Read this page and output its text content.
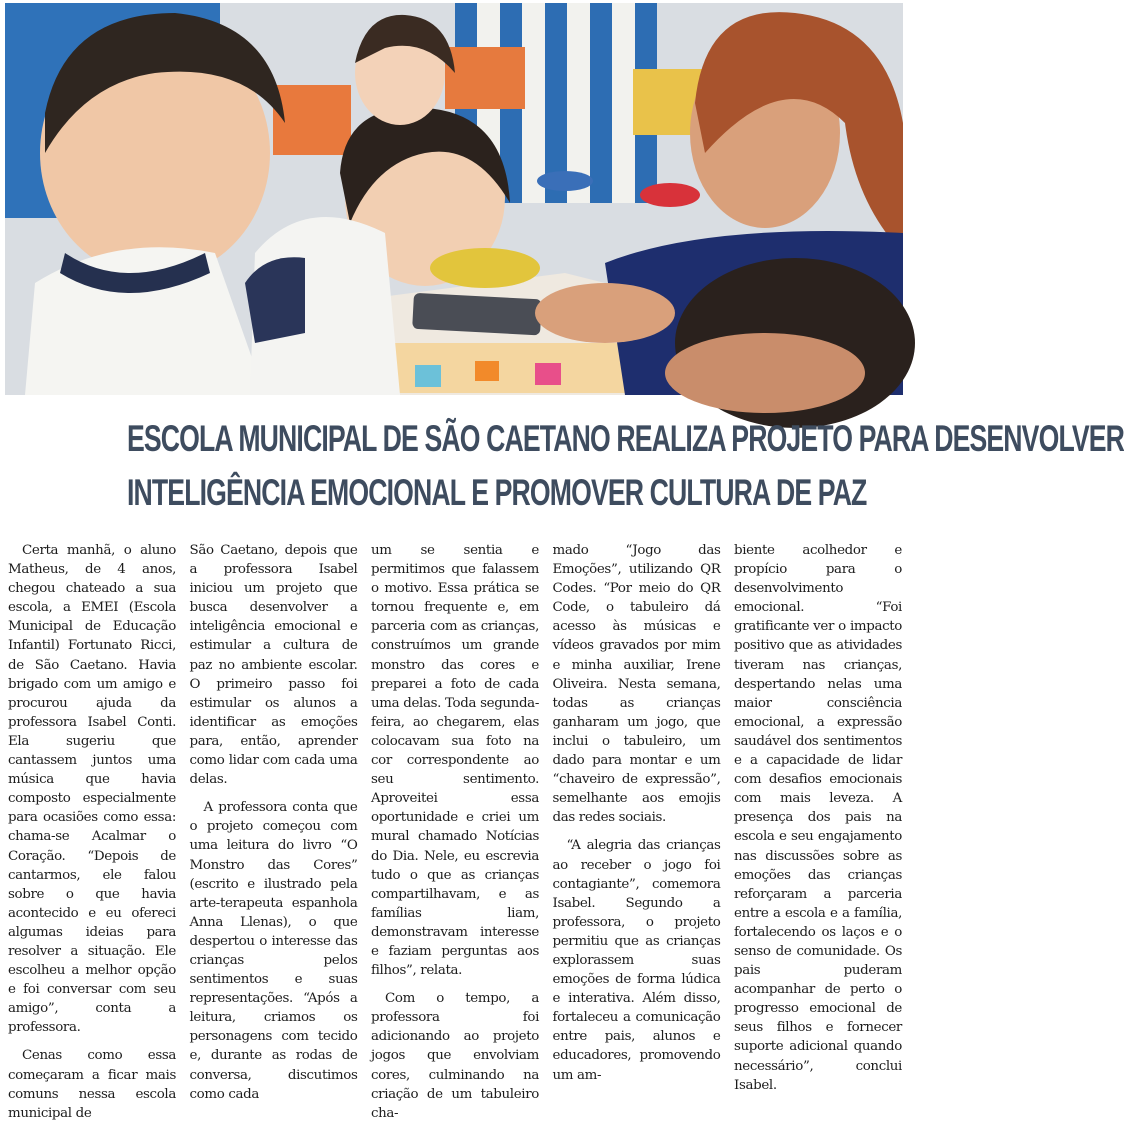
ESCOLA MUNICIPAL DE SÃO CAETANO REALIZA PROJETO PARA DESENVOLVER
INTELIGÊNCIA EMOCIONAL E PROMOVER CULTURA DE PAZ

Certa manhã, o aluno Matheus, de 4 anos, chegou chateado a sua escola, a EMEI (Escola Municipal de Educação Infantil) Fortunato Ricci, de São Caetano. Havia brigado com um amigo e procurou ajuda da professora Isabel Conti. Ela sugeriu que cantassem juntos uma música que havia composto especialmente para ocasiões como essa: chama-se Acalmar o Coração. “Depois de cantarmos, ele falou sobre o que havia acontecido e eu ofereci algumas ideias para resolver a situação. Ele escolheu a melhor opção e foi conversar com seu amigo”, conta a professora.

Cenas como essa começaram a ficar mais comuns nessa escola municipal de

São Caetano, depois que a professora Isabel iniciou um projeto que busca desenvolver a inteligência emocional e estimular a cultura de paz no ambiente escolar. O primeiro passo foi estimular os alunos a identificar as emoções para, então, aprender como lidar com cada uma delas.

A professora conta que o projeto começou com uma leitura do livro “O Monstro das Cores” (escrito e ilustrado pela arte-terapeuta espanhola Anna Llenas), o que despertou o interesse das crianças pelos sentimentos e suas representações. “Após a leitura, criamos os personagens com tecido e, durante as rodas de conversa, discutimos como cada

um se sentia e permitimos que falassem o motivo. Essa prática se tornou frequente e, em parceria com as crianças, construímos um grande monstro das cores e preparei a foto de cada uma delas. Toda segunda-feira, ao chegarem, elas colocavam sua foto na cor correspondente ao seu sentimento. Aproveitei essa oportunidade e criei um mural chamado Notícias do Dia. Nele, eu escrevia tudo o que as crianças compartilhavam, e as famílias liam, demonstravam interesse e faziam perguntas aos filhos”, relata.

Com o tempo, a professora foi adicionando ao projeto jogos que envolviam cores, culminando na criação de um tabuleiro cha-

mado “Jogo das Emoções”, utilizando QR Codes. “Por meio do QR Code, o tabuleiro dá acesso às músicas e vídeos gravados por mim e minha auxiliar, Irene Oliveira. Nesta semana, todas as crianças ganharam um jogo, que inclui o tabuleiro, um dado para montar e um “chaveiro de expressão”, semelhante aos emojis das redes sociais.

“A alegria das crianças ao receber o jogo foi contagiante”, comemora Isabel. Segundo a professora, o projeto permitiu que as crianças explorassem suas emoções de forma lúdica e interativa. Além disso, fortaleceu a comunicação entre pais, alunos e educadores, promovendo um am-

biente acolhedor e propício para o desenvolvimento emocional. “Foi gratificante ver o impacto positivo que as atividades tiveram nas crianças, despertando nelas uma maior consciência emocional, a expressão saudável dos sentimentos e a capacidade de lidar com desafios emocionais com mais leveza. A presença dos pais na escola e seu engajamento nas discussões sobre as emoções das crianças reforçaram a parceria entre a escola e a família, fortalecendo os laços e o senso de comunidade. Os pais puderam acompanhar de perto o progresso emocional de seus filhos e fornecer suporte adicional quando necessário”, conclui Isabel.
